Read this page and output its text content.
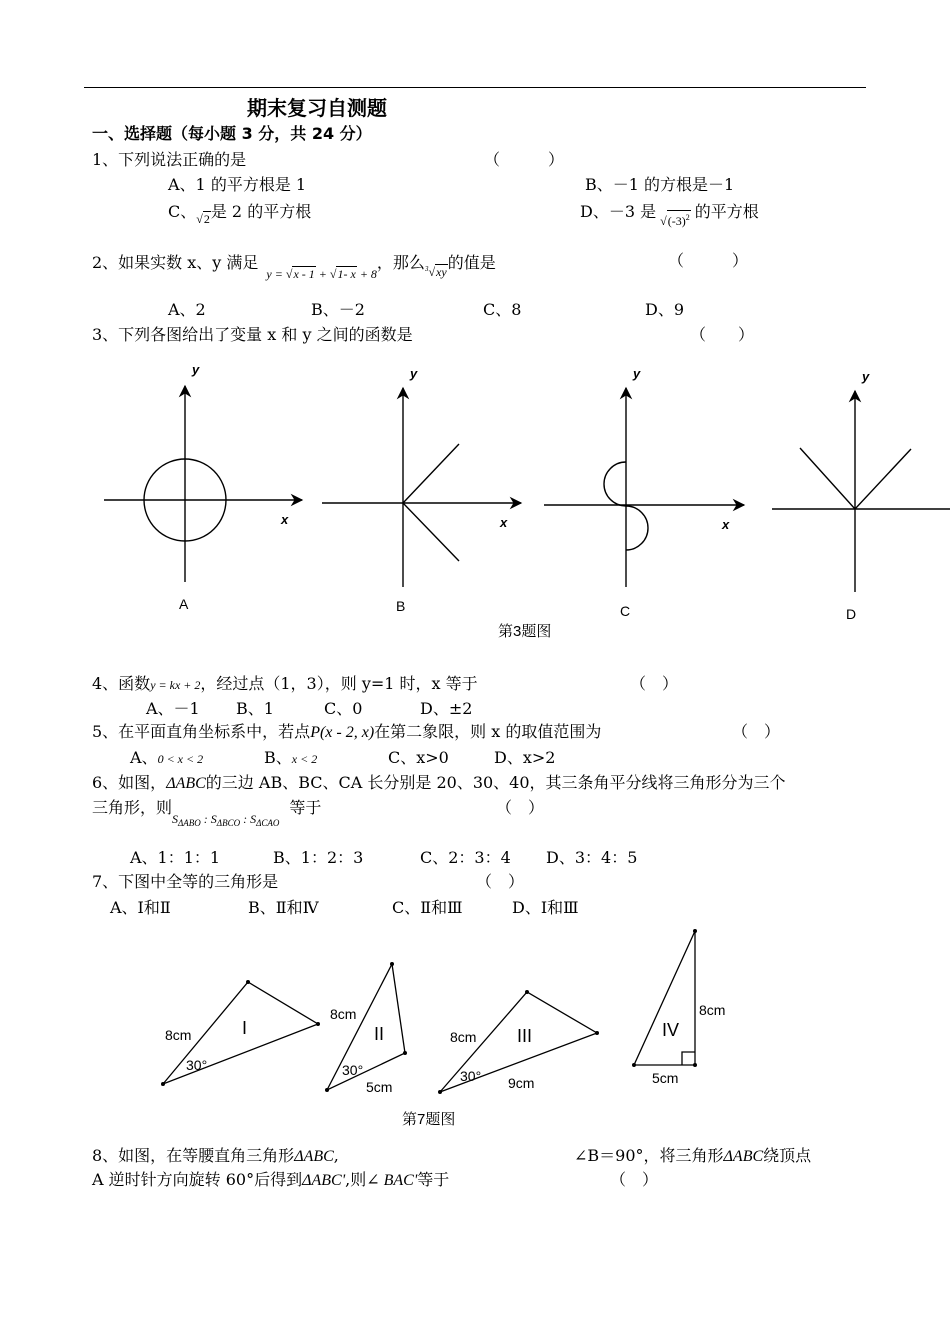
期末复习自测题
一、选择题（每小题 3 分，共 24 分）
1、下列说法正确的是	（　　　）
A、1 的平方根是 1	B、－1 的方根是－1
C、$_{√2}$是 2 的平方根	D、－3 是 $_{√(-3)^2}$ 的平方根
2、如果实数 x、y 满足$_{y = √x - 1 + √1- x + 8}$，那么$_{^3√xy}$的值是	（　　　）
A、2	B、－2	C、8	D、9
3、下列各图给出了变量 x 和 y 之间的函数是	（　　）
x
y
x
y
x
y	y
A	B	C	D
第3题图
8cm
30°
8cm
30°
5cm
8cm
30° 9cm
8cm
5cm
I	II	III	IV
第7题图
4、函数y = kx + 2，经过点（1，3），则 y=1 时，x 等于	（　）
A、－1 B、1	C、0	D、±2
5、在平面直角坐标系中，若点P(x - 2, x)在第二象限，则 x 的取值范围为	（　）
A、0 < x < 2	B、x < 2	C、x>0	D、x>2
6、如图，ΔABC的三边 AB、BC、CA 长分别是 20、30、40，其三条角平分线将三角形分为三个
三角形，则$_{S_{\Delta ABO} : S_{\Delta BCO} : S_{\Delta CAO}}$等于	（　）
A、1：1：1	B、1：2：3	C、2：3：4 D、3：4：5
7、下图中全等的三角形是	（　）
A、Ⅰ和Ⅱ	B、Ⅱ和Ⅳ	C、Ⅱ和Ⅲ	D、Ⅰ和Ⅲ
8、如图，在等腰直角三角形ΔABC,	∠B＝90°，将三角形ΔABC绕顶点
A 逆时针方向旋转 60°后得到ΔABC',则∠ BAC'等于	（　）
